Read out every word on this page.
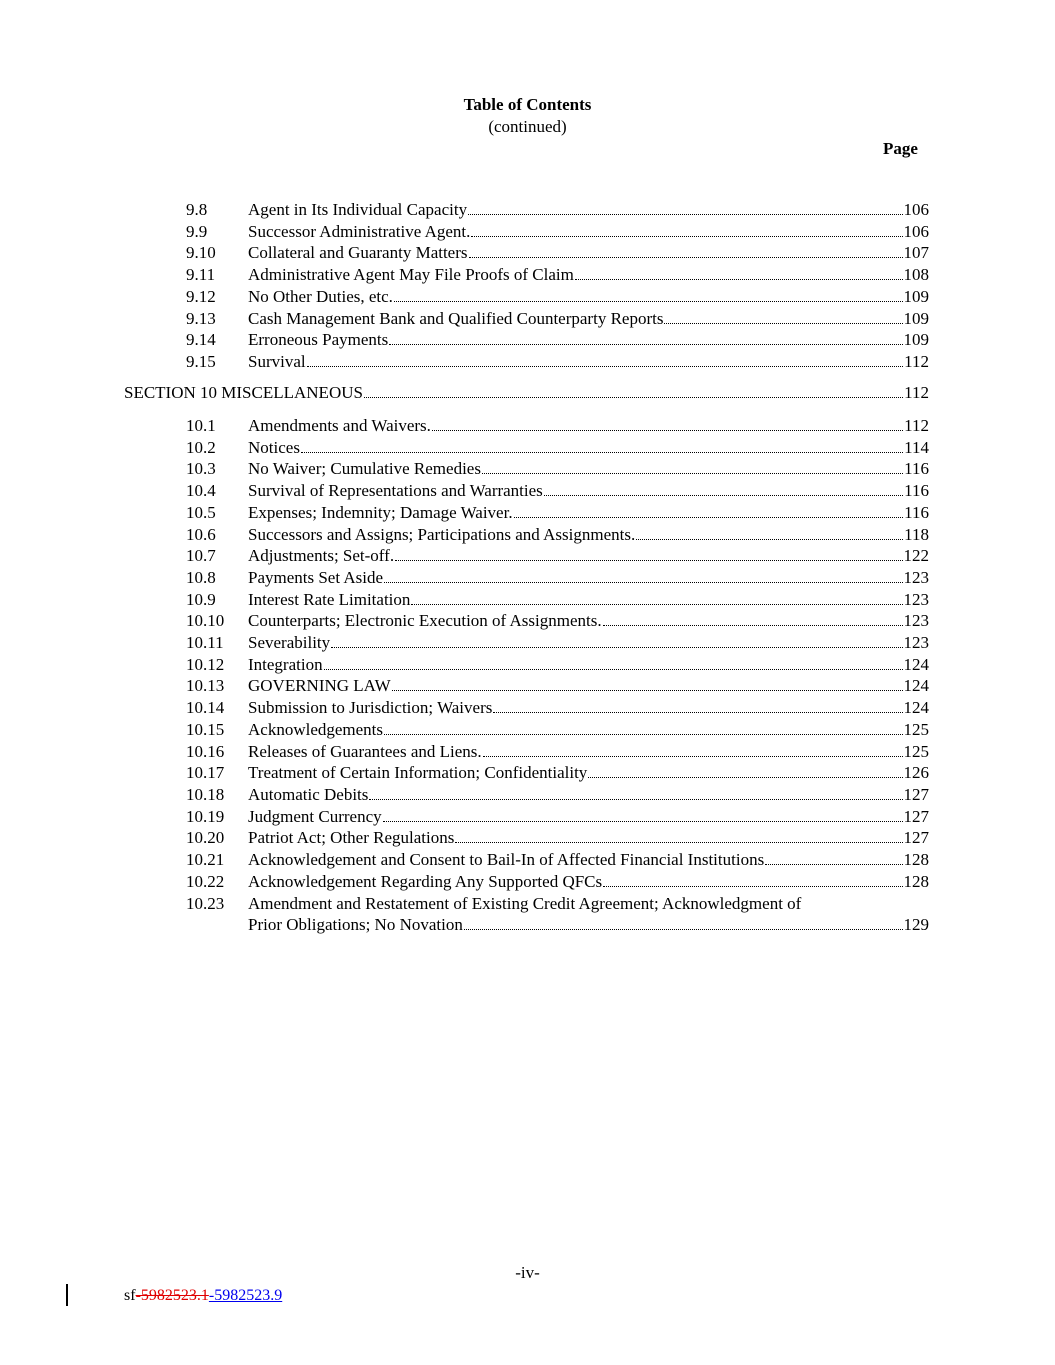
Table of Contents
(continued)
Page
9.8 Agent in Its Individual Capacity	106
9.9 Successor Administrative Agent.	106
9.10 Collateral and Guaranty Matters	107
9.11 Administrative Agent May File Proofs of Claim	108
9.12 No Other Duties, etc.	109
9.13 Cash Management Bank and Qualified Counterparty Reports	109
9.14 Erroneous Payments	109
9.15 Survival	112
SECTION 10 MISCELLANEOUS	112
10.1 Amendments and Waivers.	112
10.2 Notices	114
10.3 No Waiver; Cumulative Remedies	116
10.4 Survival of Representations and Warranties	116
10.5 Expenses; Indemnity; Damage Waiver.	116
10.6 Successors and Assigns; Participations and Assignments.	118
10.7 Adjustments; Set-off.	122
10.8 Payments Set Aside	123
10.9 Interest Rate Limitation	123
10.10 Counterparts; Electronic Execution of Assignments.	123
10.11 Severability	123
10.12 Integration	124
10.13 GOVERNING LAW	124
10.14 Submission to Jurisdiction; Waivers	124
10.15 Acknowledgements	125
10.16 Releases of Guarantees and Liens.	125
10.17 Treatment of Certain Information; Confidentiality	126
10.18 Automatic Debits	127
10.19 Judgment Currency	127
10.20 Patriot Act; Other Regulations	127
10.21 Acknowledgement and Consent to Bail-In of Affected Financial Institutions	128
10.22 Acknowledgement Regarding Any Supported QFCs	128
10.23 Amendment and Restatement of Existing Credit Agreement; Acknowledgment of
Prior Obligations; No Novation	129
-iv-
sf-5982523.1-5982523.9
